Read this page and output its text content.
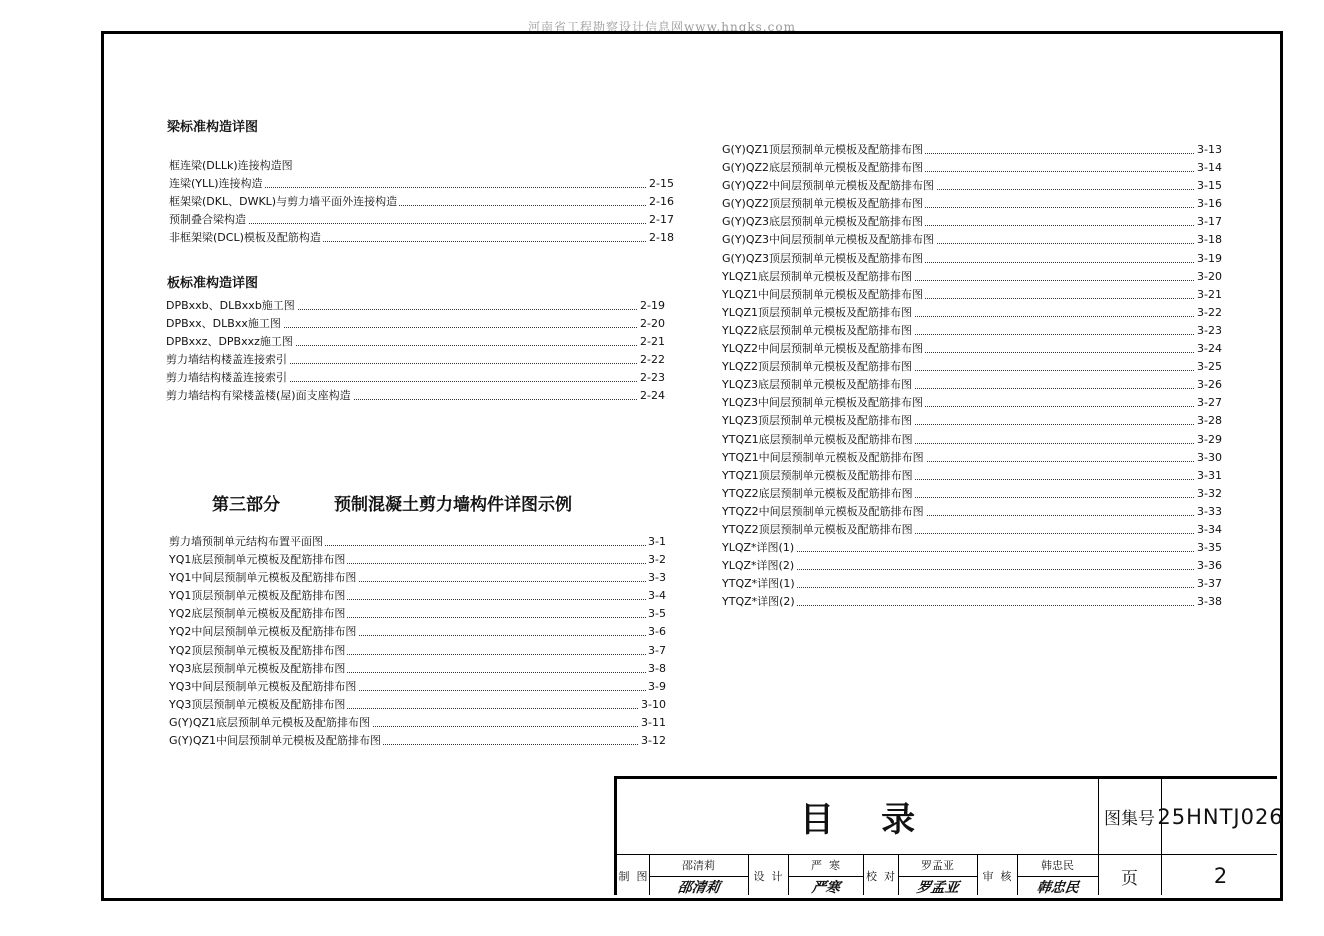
河南省工程勘察设计信息网www.hngks.com
梁标准构造详图
框连梁(DLLk)连接构造图
连梁(YLL)连接构造	2-15
框架梁(DKL、DWKL)与剪力墙平面外连接构造	2-16
预制叠合梁构造	2-17
非框架梁(DCL)模板及配筋构造	2-18
板标准构造详图
DPBxxb、DLBxxb施工图	2-19
DPBxx、DLBxx施工图	2-20
DPBxxz、DPBxxz施工图	2-21
剪力墙结构楼盖连接索引	2-22
剪力墙结构楼盖连接索引	2-23
剪力墙结构有梁楼盖楼(屋)面支座构造	2-24
第三部分	预制混凝土剪力墙构件详图示例
剪力墙预制单元结构布置平面图	3-1
YQ1底层预制单元模板及配筋排布图	3-2
YQ1中间层预制单元模板及配筋排布图	3-3
YQ1顶层预制单元模板及配筋排布图	3-4
YQ2底层预制单元模板及配筋排布图	3-5
YQ2中间层预制单元模板及配筋排布图	3-6
YQ2顶层预制单元模板及配筋排布图	3-7
YQ3底层预制单元模板及配筋排布图	3-8
YQ3中间层预制单元模板及配筋排布图	3-9
YQ3顶层预制单元模板及配筋排布图	3-10
G(Y)QZ1底层预制单元模板及配筋排布图	3-11
G(Y)QZ1中间层预制单元模板及配筋排布图	3-12
G(Y)QZ1顶层预制单元模板及配筋排布图	3-13
G(Y)QZ2底层预制单元模板及配筋排布图	3-14
G(Y)QZ2中间层预制单元模板及配筋排布图	3-15
G(Y)QZ2顶层预制单元模板及配筋排布图	3-16
G(Y)QZ3底层预制单元模板及配筋排布图	3-17
G(Y)QZ3中间层预制单元模板及配筋排布图	3-18
G(Y)QZ3顶层预制单元模板及配筋排布图	3-19
YLQZ1底层预制单元模板及配筋排布图	3-20
YLQZ1中间层预制单元模板及配筋排布图	3-21
YLQZ1顶层预制单元模板及配筋排布图	3-22
YLQZ2底层预制单元模板及配筋排布图	3-23
YLQZ2中间层预制单元模板及配筋排布图	3-24
YLQZ2顶层预制单元模板及配筋排布图	3-25
YLQZ3底层预制单元模板及配筋排布图	3-26
YLQZ3中间层预制单元模板及配筋排布图	3-27
YLQZ3顶层预制单元模板及配筋排布图	3-28
YTQZ1底层预制单元模板及配筋排布图	3-29
YTQZ1中间层预制单元模板及配筋排布图	3-30
YTQZ1顶层预制单元模板及配筋排布图	3-31
YTQZ2底层预制单元模板及配筋排布图	3-32
YTQZ2中间层预制单元模板及配筋排布图	3-33
YTQZ2顶层预制单元模板及配筋排布图	3-34
YLQZ*详图(1)	3-35
YLQZ*详图(2)	3-36
YTQZ*详图(1)	3-37
YTQZ*详图(2)	3-38
目    录	图集号 25HNTJ026
页	2
制  图
邵清莉
邵清莉
设  计
严  寒
严寒
校  对
罗孟亚
罗孟亚
审  核
韩忠民
韩忠民
